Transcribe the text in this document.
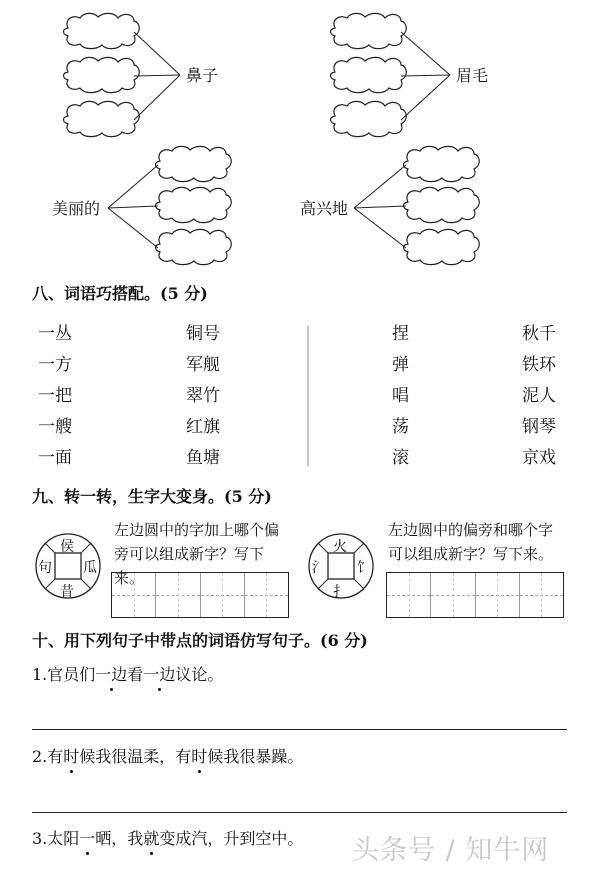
鼻子	眉毛
美丽的	高兴地
八、词语巧搭配。(5 分)
一丛
一方
一把
一艘
一面
铜号
军舰
翠竹
红旗
鱼塘
捏
弹
唱
荡
滚
秋千
铁环
泥人
钢琴
京戏
九、转一转，生字大变身。(5 分)
侯
句 瓜
昔
左边圆中的字加上哪个偏旁可以组成新字？写下来。
火
氵 饣
扌
左边圆中的偏旁和哪个字可以组成新字？写下来。
十、用下列句子中带点的词语仿写句子。(6 分)
1.官员们一边看一边议论。
2.有时候我很温柔，有时候我很暴躁。
3.太阳一晒，我就变成汽，升到空中。 头条号 / 知牛网
